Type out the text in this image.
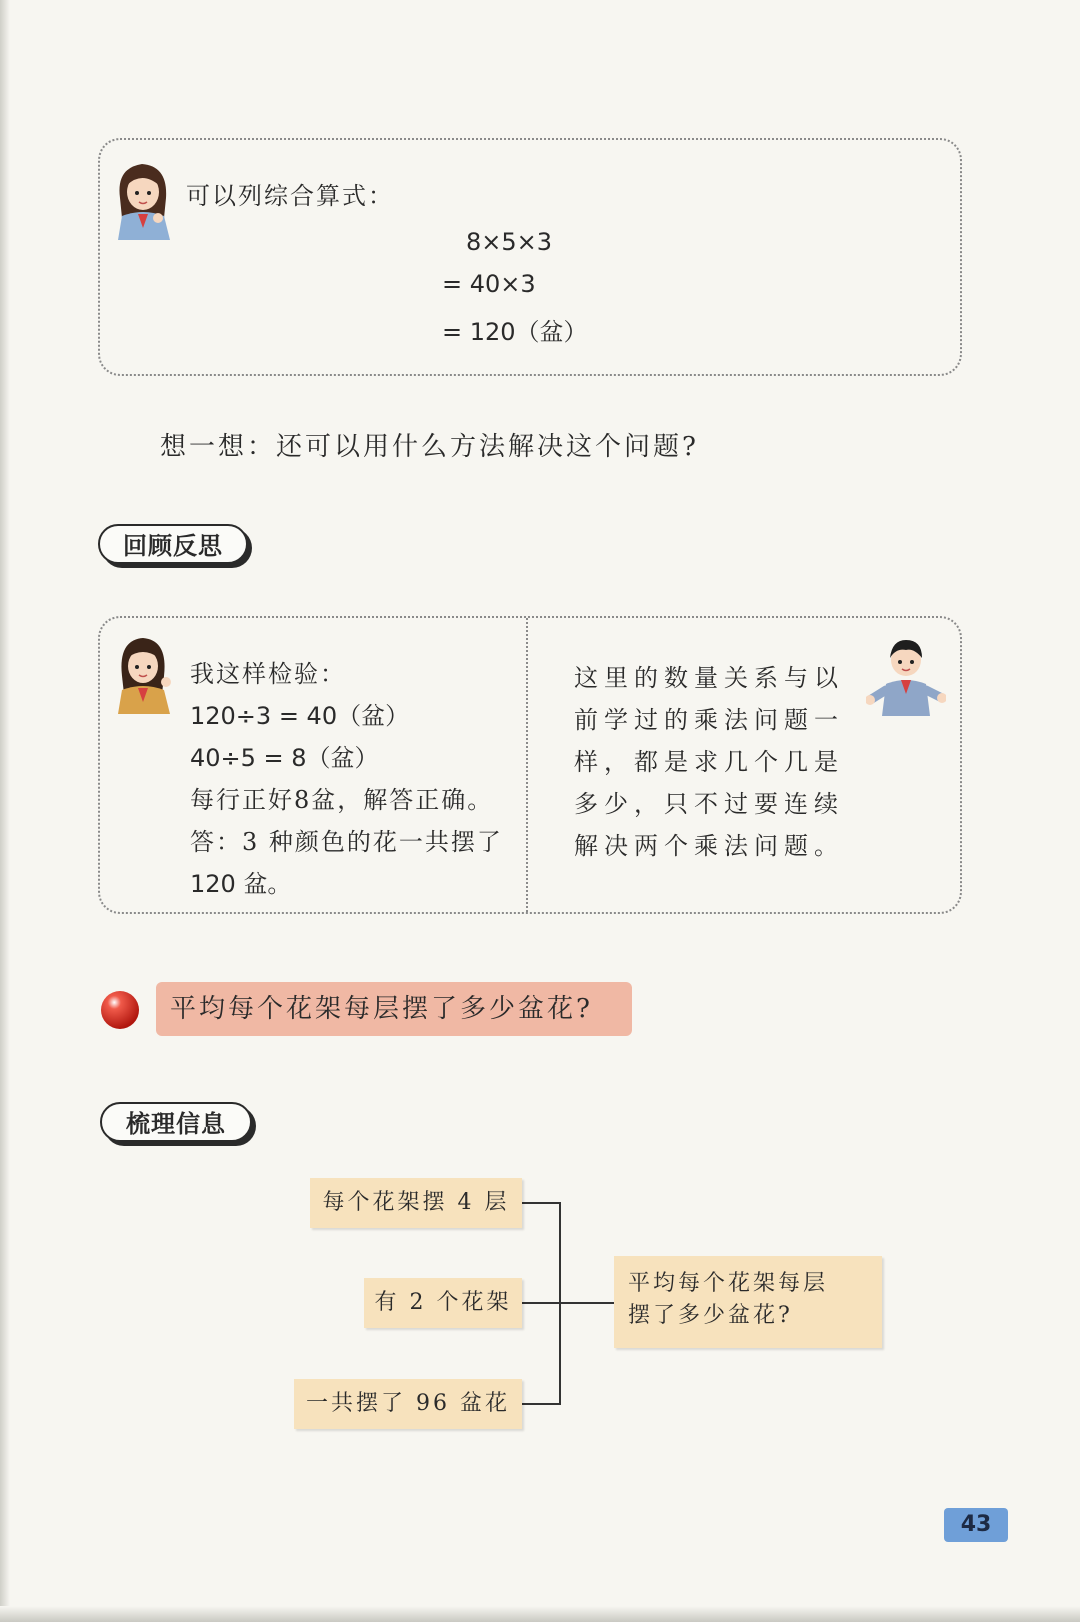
可以列综合算式：
8×5×3
= 40×3
= 120（盆）
想一想：还可以用什么方法解决这个问题?
回顾反思
我这样检验：
120÷3 = 40（盆）
40÷5 = 8（盆）
每行正好8盆，解答正确。
答：3 种颜色的花一共摆了
120 盆。
这里的数量关系与以
前学过的乘法问题一
样，都是求几个几是
多少，只不过要连续
解决两个乘法问题。
平均每个花架每层摆了多少盆花?
梳理信息
每个花架摆 4 层
有 2 个花架
一共摆了 96 盆花
平均每个花架每层
摆了多少盆花?
43
